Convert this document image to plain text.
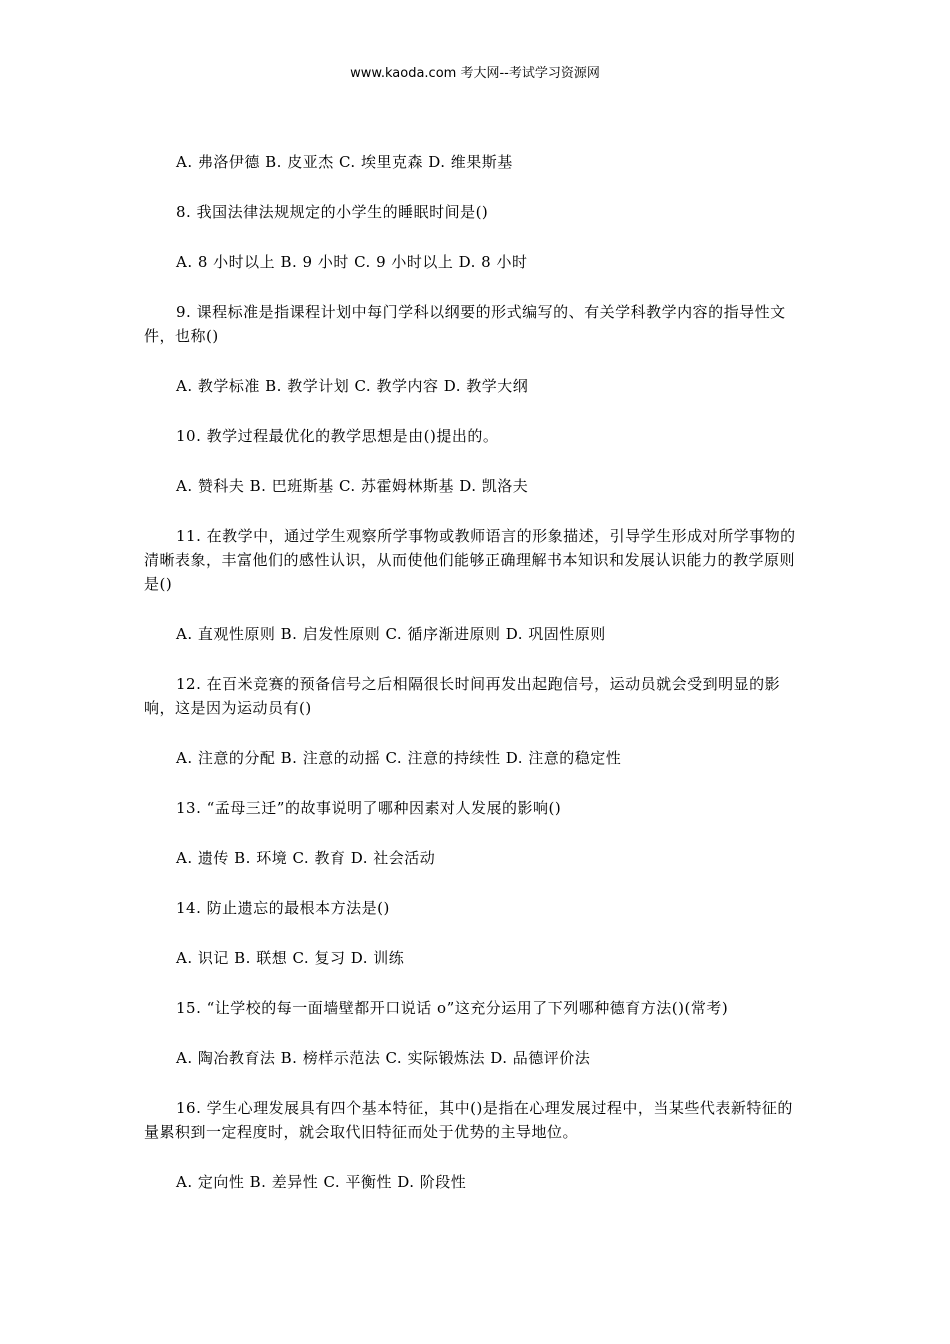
www.kaoda.com 考大网--考试学习资源网

A. 弗洛伊德 B. 皮亚杰 C. 埃里克森 D. 维果斯基

8. 我国法律法规规定的小学生的睡眠时间是()

A. 8 小时以上 B. 9 小时 C. 9 小时以上 D. 8 小时

9. 课程标准是指课程计划中每门学科以纲要的形式编写的、有关学科教学内容的指导性文件，也称()

A. 教学标准 B. 教学计划 C. 教学内容 D. 教学大纲

10. 教学过程最优化的教学思想是由()提出的。

A. 赞科夫 B. 巴班斯基 C. 苏霍姆林斯基 D. 凯洛夫

11. 在教学中，通过学生观察所学事物或教师语言的形象描述，引导学生形成对所学事物的清晰表象，丰富他们的感性认识，从而使他们能够正确理解书本知识和发展认识能力的教学原则是()

A. 直观性原则 B. 启发性原则 C. 循序渐进原则 D. 巩固性原则

12. 在百米竞赛的预备信号之后相隔很长时间再发出起跑信号，运动员就会受到明显的影响，这是因为运动员有()

A. 注意的分配 B. 注意的动摇 C. 注意的持续性 D. 注意的稳定性

13. “孟母三迁”的故事说明了哪种因素对人发展的影响()

A. 遗传 B. 环境 C. 教育 D. 社会活动

14. 防止遗忘的最根本方法是()

A. 识记 B. 联想 C. 复习 D. 训练

15. “让学校的每一面墙壁都开口说话 o”这充分运用了下列哪种德育方法()(常考)

A. 陶冶教育法 B. 榜样示范法 C. 实际锻炼法 D. 品德评价法

16. 学生心理发展具有四个基本特征，其中()是指在心理发展过程中，当某些代表新特征的量累积到一定程度时，就会取代旧特征而处于优势的主导地位。

A. 定向性 B. 差异性 C. 平衡性 D. 阶段性
